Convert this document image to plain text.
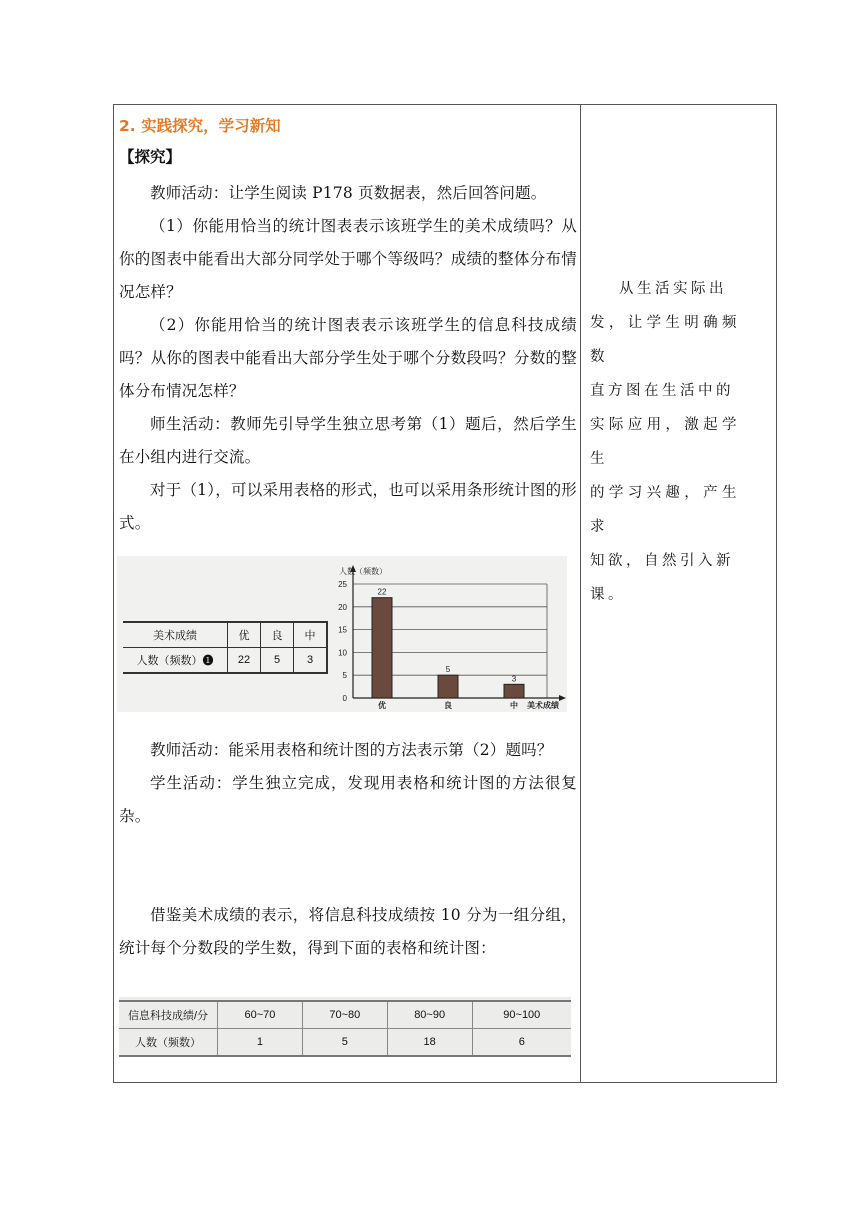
2. 实践探究，学习新知
【探究】

教师活动：让学生阅读 P178 页数据表，然后回答问题。

（1）你能用恰当的统计图表表示该班学生的美术成绩吗？从你的图表中能看出大部分同学处于哪个等级吗？成绩的整体分布情况怎样？

（2）你能用恰当的统计图表表示该班学生的信息科技成绩吗？从你的图表中能看出大部分学生处于哪个分数段吗？分数的整体分布情况怎样？

师生活动：教师先引导学生独立思考第（1）题后，然后学生在小组内进行交流。

对于（1），可以采用表格的形式，也可以采用条形统计图的形式。

教师活动：能采用表格和统计图的方法表示第（2）题吗？

学生活动：学生独立完成，发现用表格和统计图的方法很复杂。

借鉴美术成绩的表示，将信息科技成绩按 10 分为一组分组，统计每个分数段的学生数，得到下面的表格和统计图：

从生活实际出
发，让学生明确频数
直方图在生活中的
实际应用，激起学生
的学习兴趣，产生求
知欲，自然引入新
课。
美术成绩	优	良	中
人数（频数）❶	22	5	3
0
5
10
15
20
25
22
优
5
良
3
中
人数（频数）
美术成绩
信息科技成绩/分	60~70	70~80	80~90	90~100
人数（频数）	1	5	18	6
